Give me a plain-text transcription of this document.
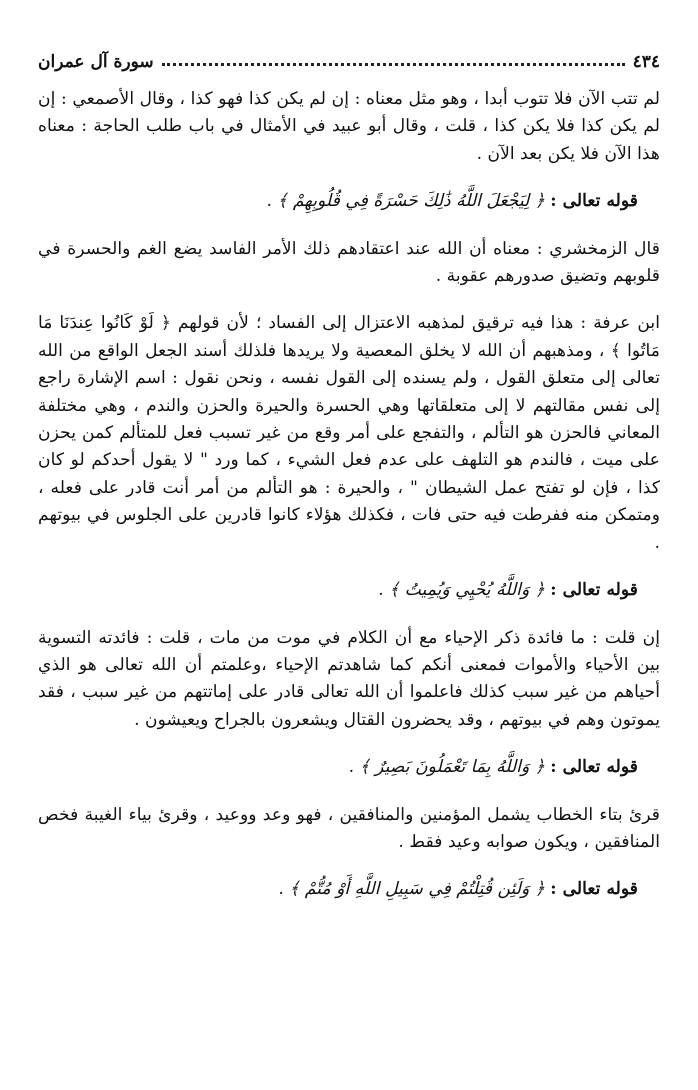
٤٣٤
سورة آل عمران

لم تتب الآن فلا تتوب أبدا ، وهو مثل معناه : إن لم يكن كذا فهو كذا ، وقال الأصمعي : إن لم يكن كذا فلا يكن كذا ، قلت ، وقال أبو عبيد في الأمثال في باب طلب الحاجة : معناه هذا الآن فلا يكن بعد الآن .

قوله تعالى : ﴿ لِيَجْعَلَ اللَّهُ ذَٰلِكَ حَسْرَةً فِي قُلُوبِهِمْ ﴾ .

قال الزمخشري : معناه أن الله عند اعتقادهم ذلك الأمر الفاسد يضع الغم والحسرة في قلوبهم وتضيق صدورهم عقوبة .

ابن عرفة : هذا فيه ترقيق لمذهبه الاعتزال إلى الفساد ؛ لأن قولهم ﴿ لَوْ كَانُوا عِندَنَا مَا مَاتُوا ﴾ ، ومذهبهم أن الله لا يخلق المعصية ولا يريدها فلذلك أسند الجعل الواقع من الله تعالى إلى متعلق القول ، ولم يسنده إلى القول نفسه ، ونحن نقول : اسم الإشارة راجع إلى نفس مقالتهم لا إلى متعلقاتها وهي الحسرة والحيرة والحزن والندم ، وهي مختلفة المعاني فالحزن هو التألم ، والتفجع على أمر وقع من غير تسبب فعل للمتألم كمن يحزن على ميت ، فالندم هو التلهف على عدم فعل الشيء ، كما ورد " لا يقول أحدكم لو كان كذا ، فإن لو تفتح عمل الشيطان " ، والحيرة : هو التألم من أمر أنت قادر على فعله ، ومتمكن منه ففرطت فيه حتى فات ، فكذلك هؤلاء كانوا قادرين على الجلوس في بيوتهم .

قوله تعالى : ﴿ وَاللَّهُ يُحْيِي وَيُمِيتُ ﴾ .

إن قلت : ما فائدة ذكر الإحياء مع أن الكلام في موت من مات ، قلت : فائدته التسوية بين الأحياء والأموات فمعنى أنكم كما شاهدتم الإحياء ،وعلمتم أن الله تعالى هو الذي أحياهم من غير سبب كذلك فاعلموا أن الله تعالى قادر على إماتتهم من غير سبب ، فقد يموتون وهم في بيوتهم ، وقد يحضرون القتال ويشعرون بالجراح ويعيشون .

قوله تعالى : ﴿ وَاللَّهُ بِمَا تَعْمَلُونَ بَصِيرٌ ﴾ .

قرئ بتاء الخطاب يشمل المؤمنين والمنافقين ، فهو وعد ووعيد ، وقرئ بياء الغيبة فخص المنافقين ، ويكون صوابه وعيد فقط .

قوله تعالى : ﴿ وَلَئِن قُتِلْتُمْ فِي سَبِيلِ اللَّهِ أَوْ مُتُّمْ ﴾ .
